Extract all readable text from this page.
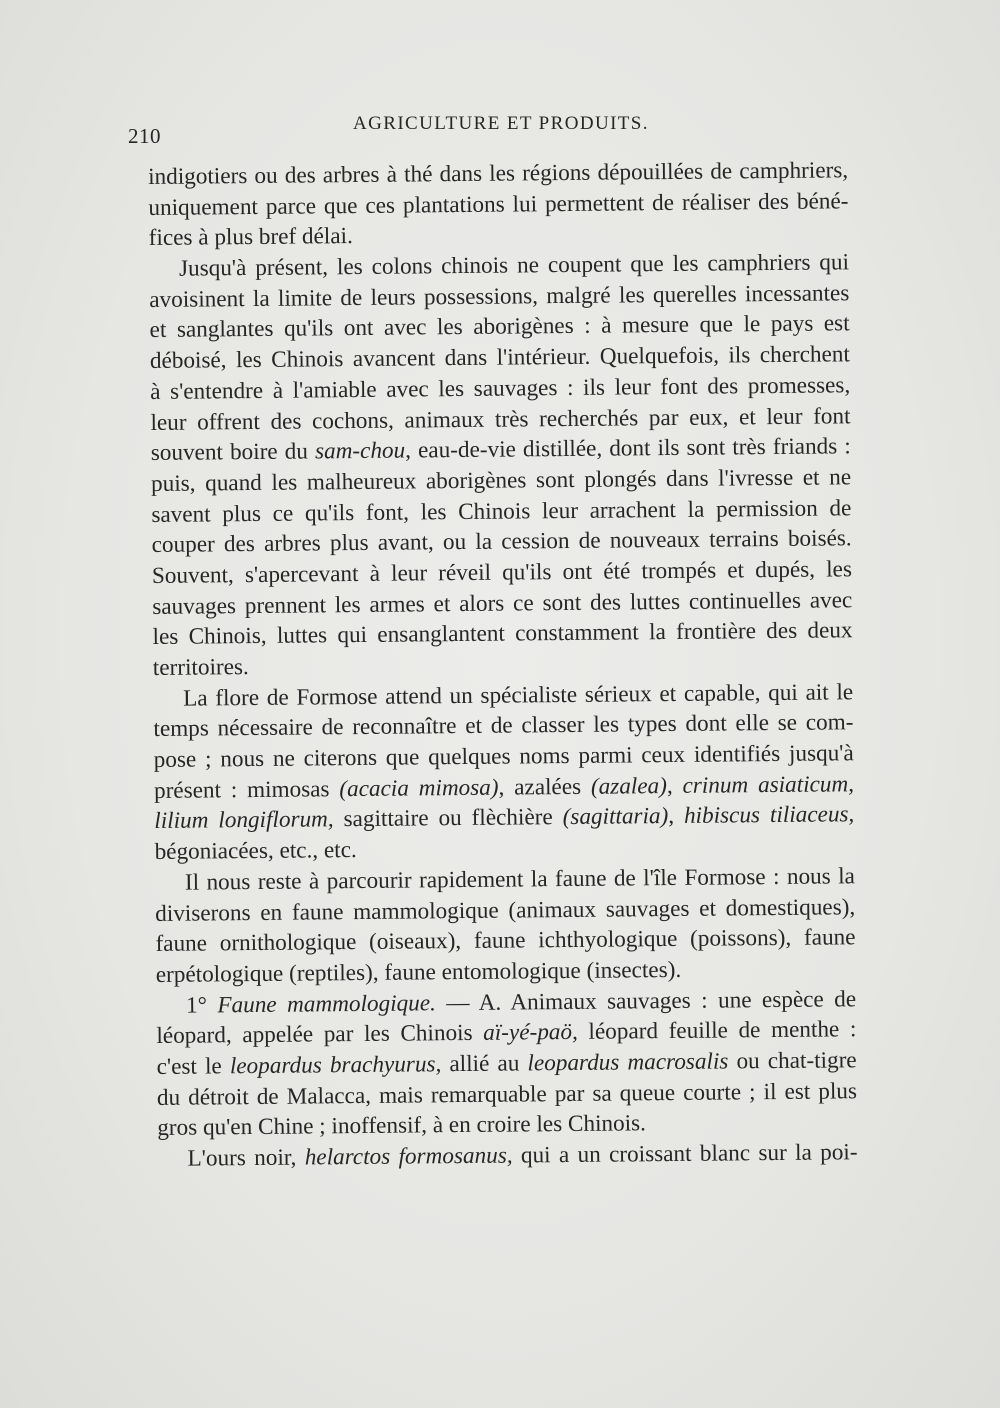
210
AGRICULTURE ET PRODUITS.
indigotiers ou des arbres à thé dans les régions dépouillées de camphriers,
uniquement parce que ces plantations lui permettent de réaliser des béné-
fices à plus bref délai.
Jusqu'à présent, les colons chinois ne coupent que les camphriers qui
avoisinent la limite de leurs possessions, malgré les querelles incessantes
et sanglantes qu'ils ont avec les aborigènes : à mesure que le pays est
déboisé, les Chinois avancent dans l'intérieur. Quelquefois, ils cherchent
à s'entendre à l'amiable avec les sauvages : ils leur font des promesses,
leur offrent des cochons, animaux très recherchés par eux, et leur font
souvent boire du sam-chou, eau-de-vie distillée, dont ils sont très friands :
puis, quand les malheureux aborigènes sont plongés dans l'ivresse et ne
savent plus ce qu'ils font, les Chinois leur arrachent la permission de
couper des arbres plus avant, ou la cession de nouveaux terrains boisés.
Souvent, s'apercevant à leur réveil qu'ils ont été trompés et dupés, les
sauvages prennent les armes et alors ce sont des luttes continuelles avec
les Chinois, luttes qui ensanglantent constamment la frontière des deux
territoires.
La flore de Formose attend un spécialiste sérieux et capable, qui ait le
temps nécessaire de reconnaître et de classer les types dont elle se com-
pose ; nous ne citerons que quelques noms parmi ceux identifiés jusqu'à
présent : mimosas (acacia mimosa), azalées (azalea), crinum asiaticum,
lilium longiflorum, sagittaire ou flèchière (sagittaria), hibiscus tiliaceus,
bégoniacées, etc., etc.
Il nous reste à parcourir rapidement la faune de l'île Formose : nous la
diviserons en faune mammologique (animaux sauvages et domestiques),
faune ornithologique (oiseaux), faune ichthyologique (poissons), faune
erpétologique (reptiles), faune entomologique (insectes).
1° Faune mammologique. — A. Animaux sauvages : une espèce de
léopard, appelée par les Chinois aï-yé-paö, léopard feuille de menthe :
c'est le leopardus brachyurus, allié au leopardus macrosalis ou chat-tigre
du détroit de Malacca, mais remarquable par sa queue courte ; il est plus
gros qu'en Chine ; inoffensif, à en croire les Chinois.
L'ours noir, helarctos formosanus, qui a un croissant blanc sur la poi-
